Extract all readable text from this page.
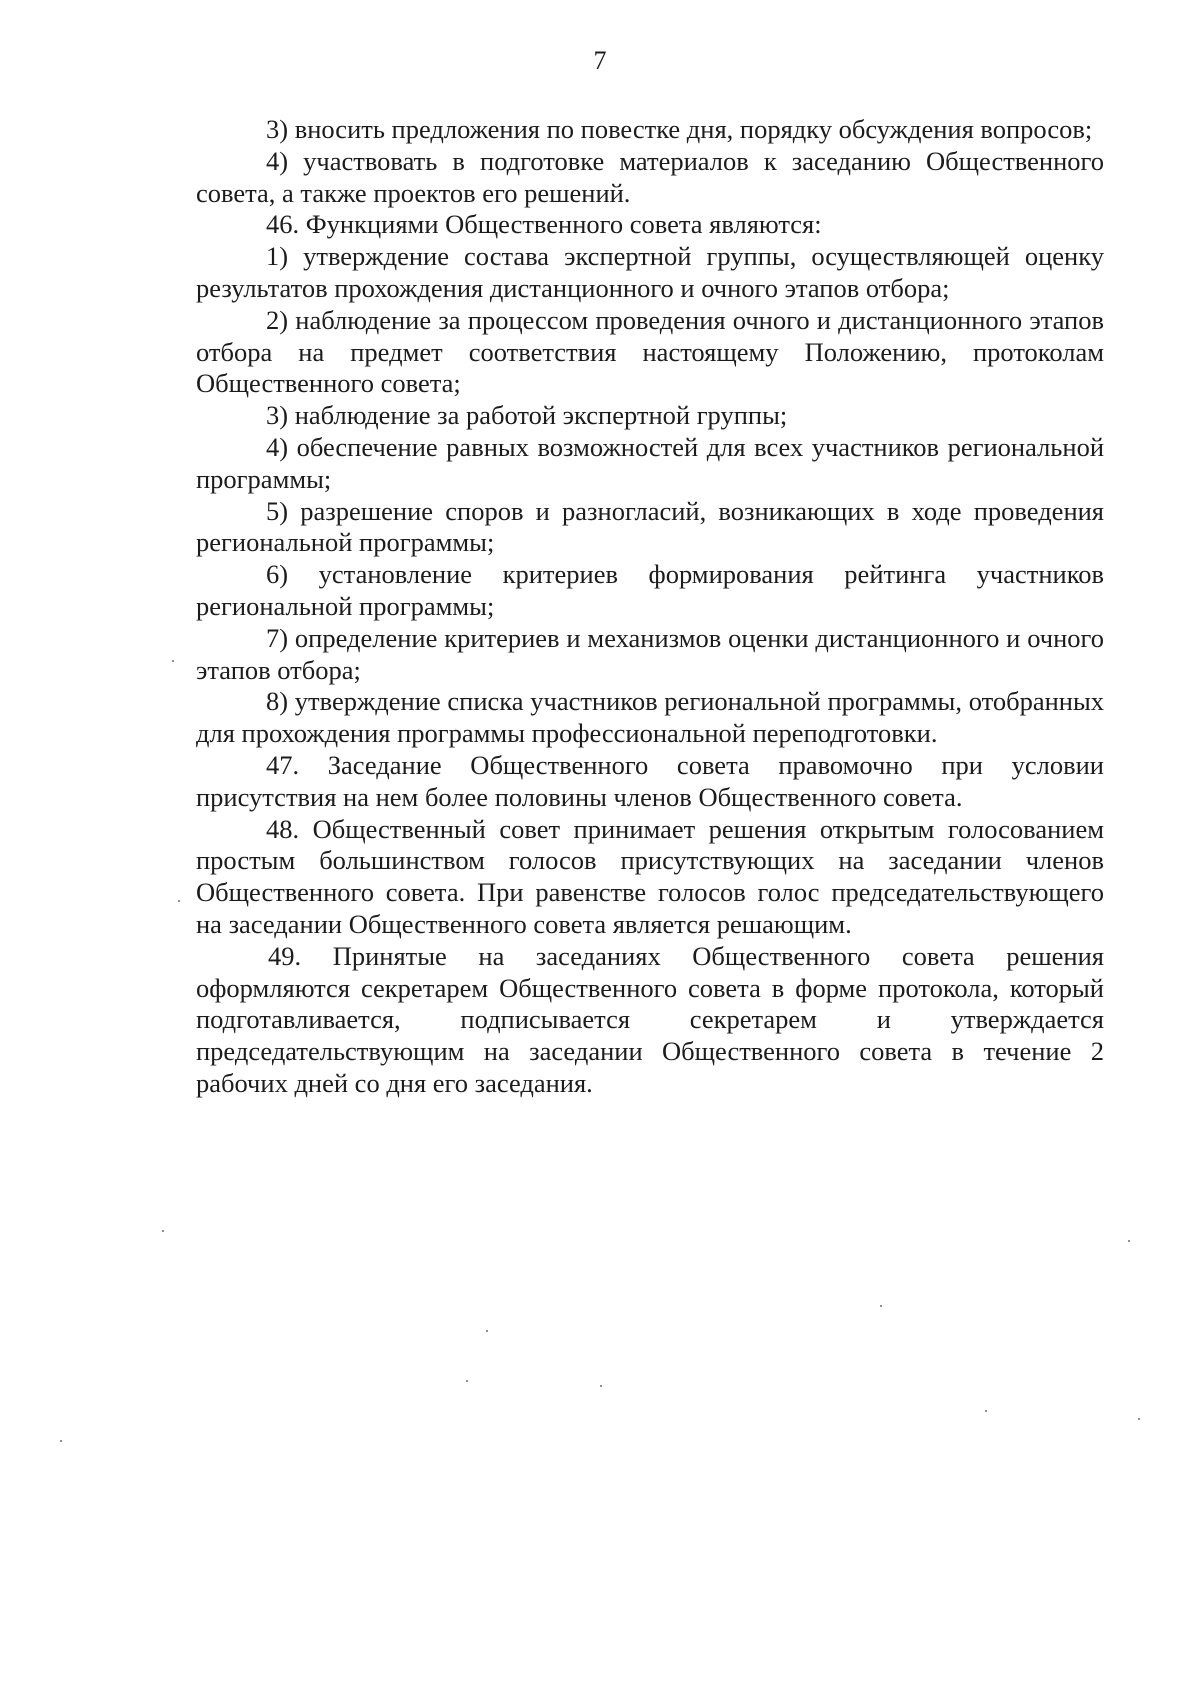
7

3) вносить предложения по повестке дня, порядку обсуждения вопросов;

4) участвовать в подготовке материалов к заседанию Общественного совета, а также проектов его решений.

46. Функциями Общественного совета являются:

1) утверждение состава экспертной группы, осуществляющей оценку результатов прохождения дистанционного и очного этапов отбора;

2) наблюдение за процессом проведения очного и дистанционного этапов отбора на предмет соответствия настоящему Положению, протоколам Общественного совета;

3) наблюдение за работой экспертной группы;

4) обеспечение равных возможностей для всех участников региональной программы;

5) разрешение споров и разногласий, возникающих в ходе проведения региональной программы;

6) установление критериев формирования рейтинга участников региональной программы;

7) определение критериев и механизмов оценки дистанционного и очного этапов отбора;

8) утверждение списка участников региональной программы, отобранных для прохождения программы профессиональной переподготовки.

47. Заседание Общественного совета правомочно при условии присутствия на нем более половины членов Общественного совета.

48. Общественный совет принимает решения открытым голосованием простым большинством голосов присутствующих на заседании членов Общественного совета. При равенстве голосов голос председательствующего на заседании Общественного совета является решающим.

49. Принятые на заседаниях Общественного совета решения оформляются секретарем Общественного совета в форме протокола, который подготавливается, подписывается секретарем и утверждается председательствующим на заседании Общественного совета в течение 2 рабочих дней со дня его заседания.
